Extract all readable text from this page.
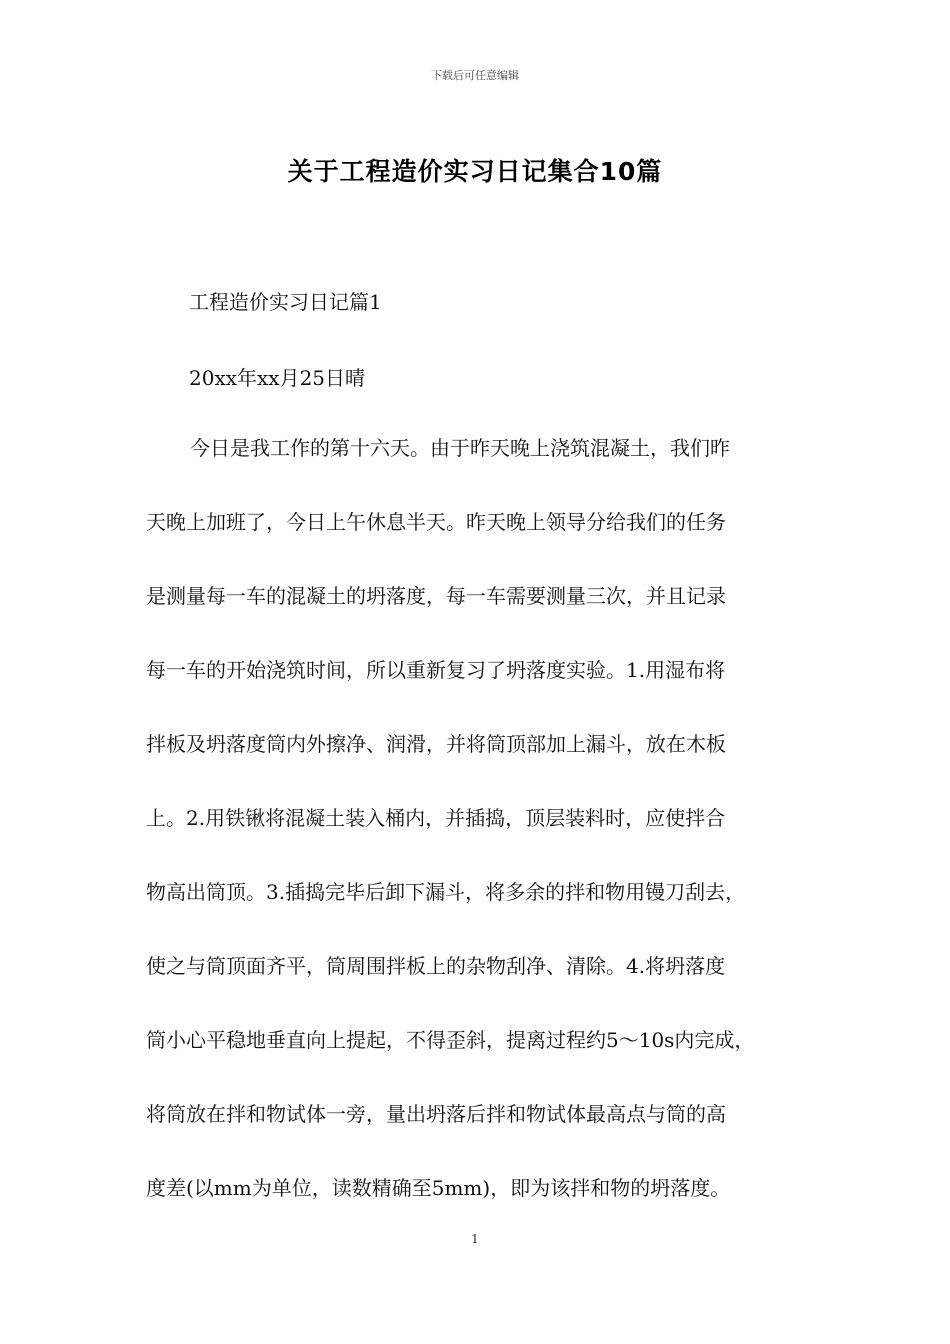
下载后可任意编辑
关于工程造价实习日记集合10篇
工程造价实习日记篇1
20xx年xx月25日晴
今日是我工作的第十六天。由于昨天晚上浇筑混凝土，我们昨
天晚上加班了，今日上午休息半天。昨天晚上领导分给我们的任务
是测量每一车的混凝土的坍落度，每一车需要测量三次，并且记录
每一车的开始浇筑时间，所以重新复习了坍落度实验。1.用湿布将
拌板及坍落度筒内外擦净、润滑，并将筒顶部加上漏斗，放在木板
上。2.用铁锹将混凝土装入桶内，并插捣，顶层装料时，应使拌合
物高出筒顶。3.插捣完毕后卸下漏斗，将多余的拌和物用镘刀刮去，
使之与筒顶面齐平，筒周围拌板上的杂物刮净、清除。4.将坍落度
筒小心平稳地垂直向上提起，不得歪斜，提离过程约5～10s内完成，
将筒放在拌和物试体一旁，量出坍落后拌和物试体最高点与筒的高
度差(以mm为单位，读数精确至5mm)，即为该拌和物的坍落度。
1
